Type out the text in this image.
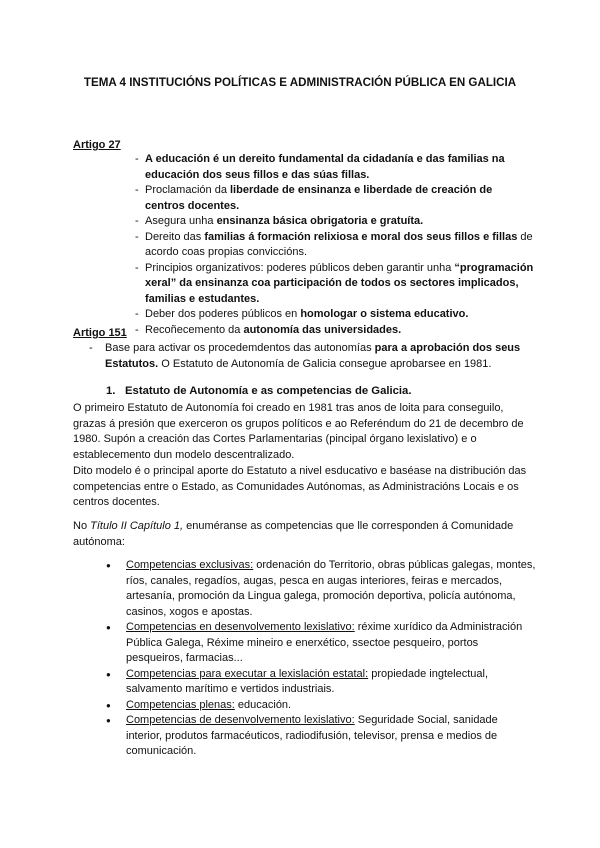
TEMA 4 INSTITUCIÓNS POLÍTICAS E ADMINISTRACIÓN PÚBLICA EN GALICIA
Artigo 27
- A educación é un dereito fundamental da cidadanía e das familias na educación dos seus fillos e das súas fillas.
- Proclamación da liberdade de ensinanza e liberdade de creación de centros docentes.
- Asegura unha ensinanza básica obrigatoria e gratuíta.
- Dereito das familias á formación relixiosa e moral dos seus fillos e fillas de acordo coas propias conviccións.
- Principios organizativos: poderes públicos deben garantir unha “programación xeral” da ensinanza coa participación de todos os sectores implicados, familias e estudantes.
- Deber dos poderes públicos en homologar o sistema educativo.
- Recoñecemento da autonomía das universidades.
Artigo 151
- Base para activar os procedemdentos das autonomías para a aprobación dos seus Estatutos. O Estatuto de Autonomía de Galicia consegue aprobarsee en 1981.
1. Estatuto de Autonomía e as competencias de Galicia.
O primeiro Estatuto de Autonomía foi creado en 1981 tras anos de loita para conseguilo, grazas á presión que exerceron os grupos políticos e ao Referéndum do 21 de decembro de 1980. Supón a creación das Cortes Parlamentarias (pincipal órgano lexislativo) e o establecemento dun modelo descentralizado.
Dito modelo é o principal aporte do Estatuto a nivel esducativo e baséase na distribución das competencias entre o Estado, as Comunidades Autónomas, as Administracións Locais e os centros docentes.
No Título II Capítulo 1, enuméranse as competencias que lle corresponden á Comunidade autónoma:
● Competencias exclusivas: ordenación do Territorio, obras públicas galegas, montes, ríos, canales, regadíos, augas, pesca en augas interiores, feiras e mercados, artesanía, promoción da Lingua galega, promoción deportiva, policía autónoma, casinos, xogos e apostas.
● Competencias en desenvolvemento lexislativo: réxime xurídico da Administración Pública Galega, Réxime mineiro e enerxético, ssectoe pesqueiro, portos pesqueiros, farmacias...
● Competencias para executar a lexislación estatal: propiedade ingtelectual, salvamento marítimo e vertidos industriais.
● Competencias plenas: educación.
● Competencias de desenvolvemento lexislativo: Seguridade Social, sanidade interior, produtos farmacéuticos, radiodifusión, televisor, prensa e medios de comunicación.
